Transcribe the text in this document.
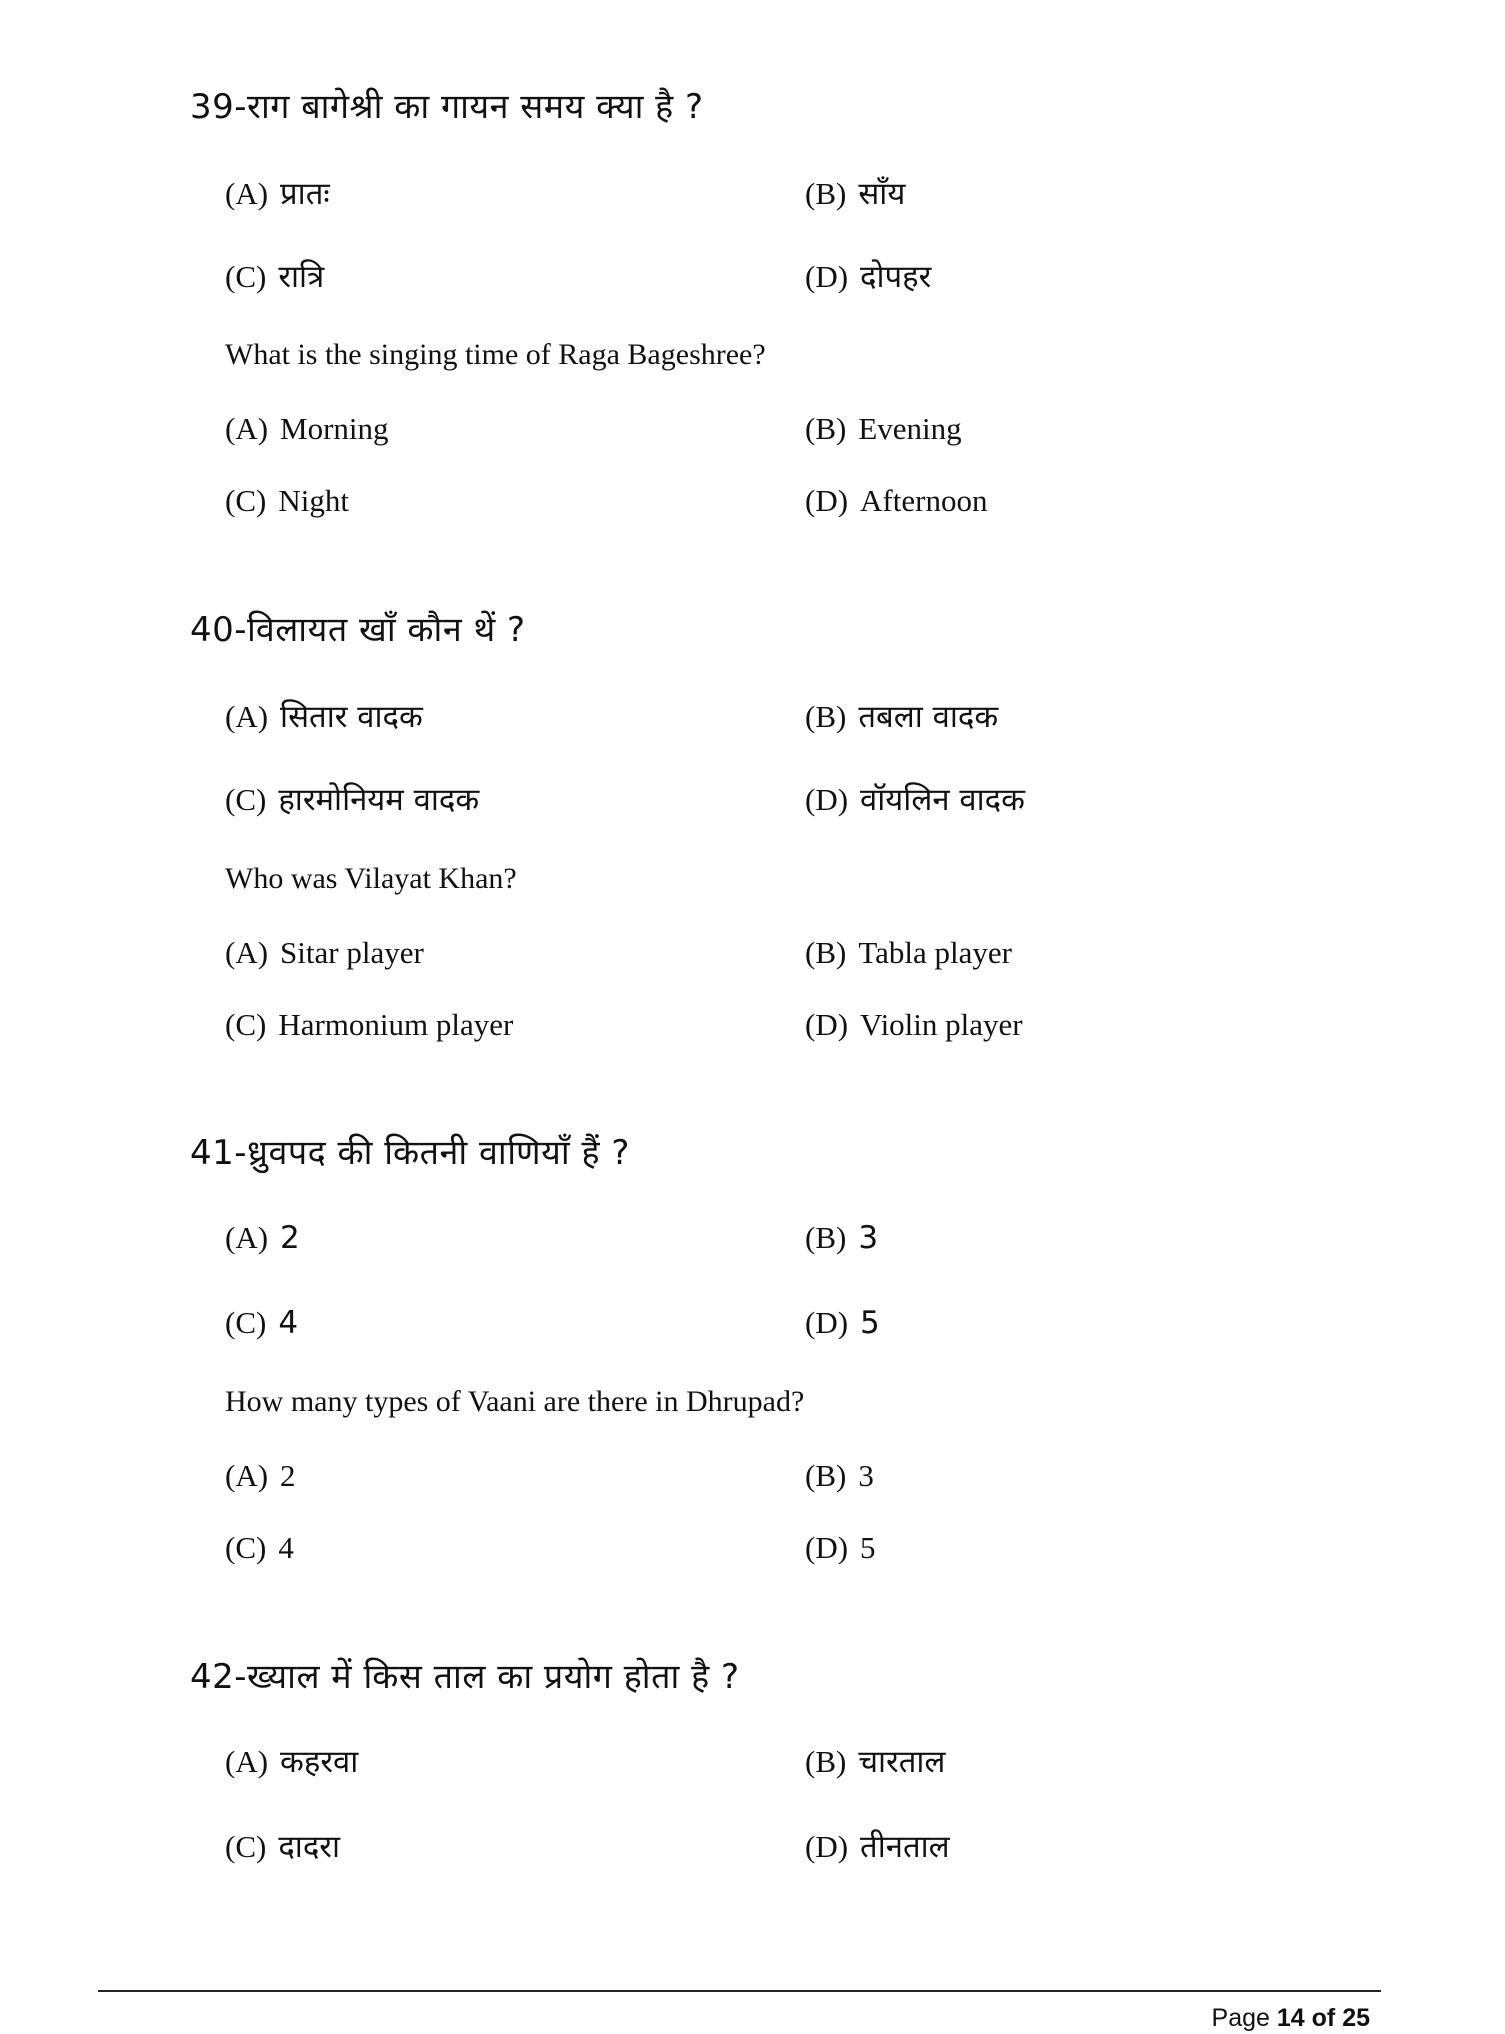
39-राग बागेश्री का गायन समय क्या है ?
(A) प्रातः	(B) साँय
(C) रात्रि	(D) दोपहर
What is the singing time of Raga Bageshree?
(A) Morning	(B) Evening
(C) Night	(D) Afternoon
40-विलायत खाँ कौन थें ?
(A) सितार वादक	(B) तबला वादक
(C) हारमोनियम वादक	(D) वॉयलिन वादक
Who was Vilayat Khan?
(A) Sitar player	(B) Tabla player
(C) Harmonium player	(D) Violin player
41-ध्रुवपद की कितनी वाणियाँ हैं ?
(A) 2	(B) 3
(C) 4	(D) 5
How many types of Vaani are there in Dhrupad?
(A) 2	(B) 3
(C) 4	(D) 5
42-ख्याल में किस ताल का प्रयोग होता है ?
(A) कहरवा	(B) चारताल
(C) दादरा	(D) तीनताल
Page 14 of 25
